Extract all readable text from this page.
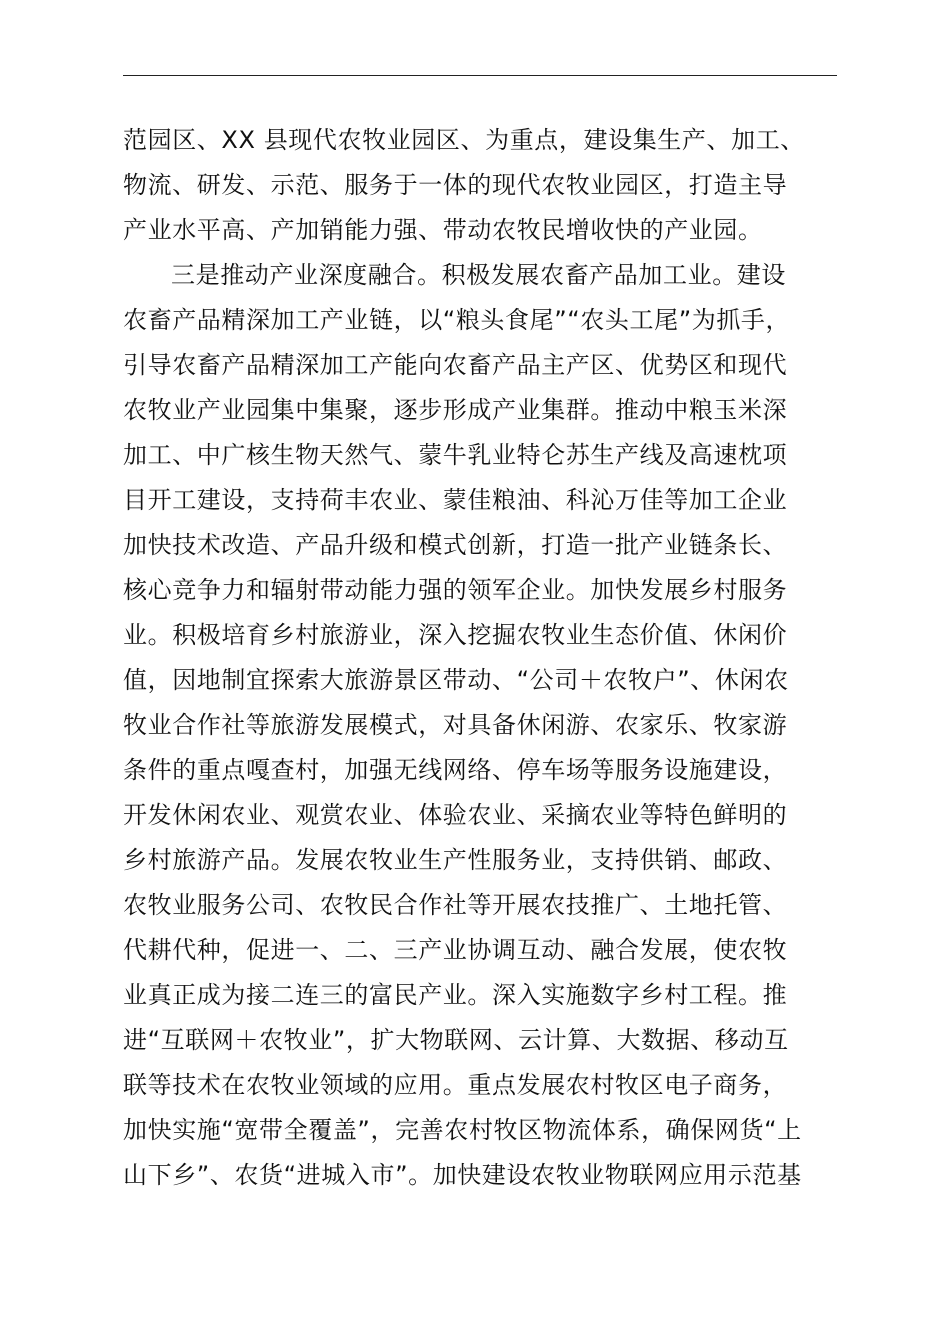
范园区、XX 县现代农牧业园区、为重点，建设集生产、加工、
物流、研发、示范、服务于一体的现代农牧业园区，打造主导
产业水平高、产加销能力强、带动农牧民增收快的产业园。
三是推动产业深度融合。积极发展农畜产品加工业。建设
农畜产品精深加工产业链，以“粮头食尾”“农头工尾”为抓手，
引导农畜产品精深加工产能向农畜产品主产区、优势区和现代
农牧业产业园集中集聚，逐步形成产业集群。推动中粮玉米深
加工、中广核生物天然气、蒙牛乳业特仑苏生产线及高速枕项
目开工建设，支持荷丰农业、蒙佳粮油、科沁万佳等加工企业
加快技术改造、产品升级和模式创新，打造一批产业链条长、
核心竞争力和辐射带动能力强的领军企业。加快发展乡村服务
业。积极培育乡村旅游业，深入挖掘农牧业生态价值、休闲价
值，因地制宜探索大旅游景区带动、“公司＋农牧户”、休闲农
牧业合作社等旅游发展模式，对具备休闲游、农家乐、牧家游
条件的重点嘎查村，加强无线网络、停车场等服务设施建设，
开发休闲农业、观赏农业、体验农业、采摘农业等特色鲜明的
乡村旅游产品。发展农牧业生产性服务业，支持供销、邮政、
农牧业服务公司、农牧民合作社等开展农技推广、土地托管、
代耕代种，促进一、二、三产业协调互动、融合发展，使农牧
业真正成为接二连三的富民产业。深入实施数字乡村工程。推
进“互联网＋农牧业”，扩大物联网、云计算、大数据、移动互
联等技术在农牧业领域的应用。重点发展农村牧区电子商务，
加快实施“宽带全覆盖”，完善农村牧区物流体系，确保网货“上
山下乡”、农货“进城入市”。加快建设农牧业物联网应用示范基
